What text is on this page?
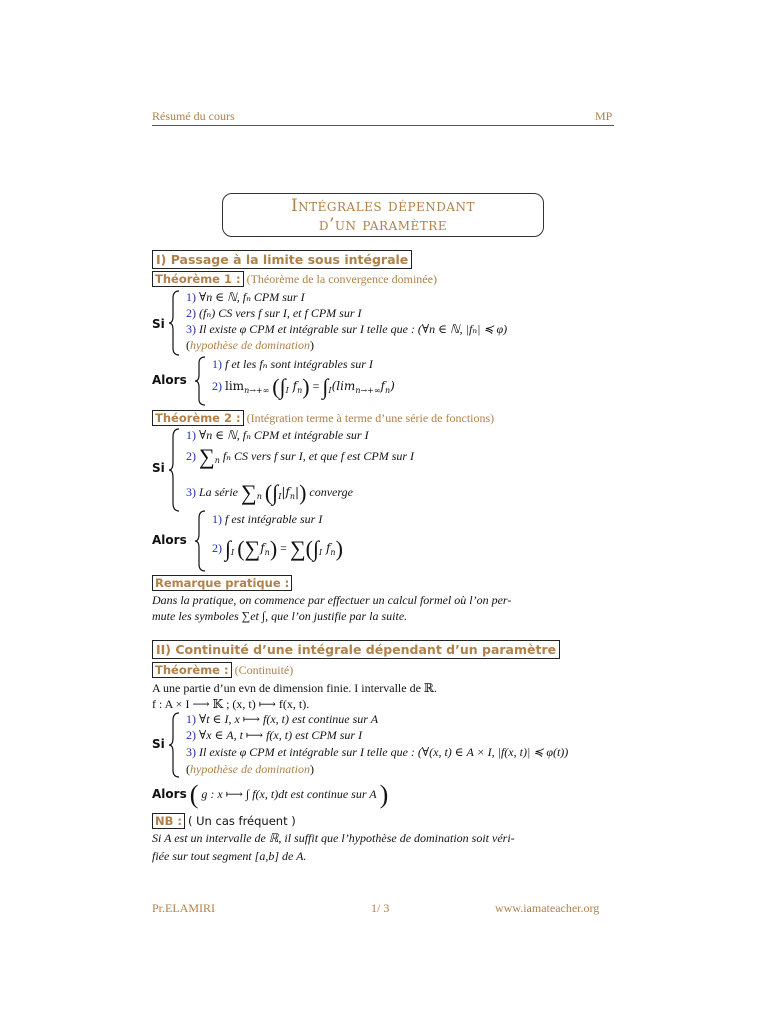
Résumé du cours	MP
Intégrales dépendant
d’un paramètre
I) Passage à la limite sous intégrale
Théorème 1 : (Théorème de la convergence dominée)
Si
1) ∀n ∈ ℕ, fₙ CPM sur I
2) (fₙ) CS vers f sur I, et f CPM sur I
3) Il existe φ CPM et intégrable sur I telle que : (∀n ∈ ℕ, |fₙ| ≼ φ)
(hypothèse de domination)
Alors
1) f et les fₙ sont intégrables sur I
2) $\lim_{n\to+\infty} (\int_I$ $f_n) = \int_I(\lim_{n\to+\infty}f_n)$
Théorème 2 : (Intégration terme à terme d’une série de fonctions)
Si
1) ∀n ∈ ℕ, fₙ CPM et intégrable sur I
2) $\sum_n$ fₙ CS vers f sur I, et que f est CPM sur I
3) La série $\sum_n$ $(\int_I|f_n|)$ converge
Alors
1) f est intégrable sur I
2) $\int_I$ $(\sum f_n) = \sum(\int_I$ $f_n$)
Remarque pratique :
Dans la pratique, on commence par effectuer un calcul formel où l’on per-
mute les symboles ∑et ∫, que l’on justifie par la suite.
II) Continuité d’une intégrale dépendant d’un paramètre
Théorème : (Continuité)
A une partie d’un evn de dimension finie. I intervalle de ℝ.
f : A × I ⟶ 𝕂 ; (x, t) ⟼ f(x, t).
Si
1) ∀t ∈ I, x ⟼ f(x, t) est continue sur A
2) ∀x ∈ A, t ⟼ f(x, t) est CPM sur I
3) Il existe φ CPM et intégrable sur I telle que : (∀(x, t) ∈ A × I, |f(x, t)| ≼ φ(t))
(hypothèse de domination)
Alors ( g : x ⟼ ∫ f(x, t)dt est continue sur A )
NB : ( Un cas fréquent )
Si A est un intervalle de ℝ, il suffit que l’hypothèse de domination soit véri-
fiée sur tout segment [a,b] de A.
Pr.ELAMIRI	1/ 3	www.iamateacher.org
